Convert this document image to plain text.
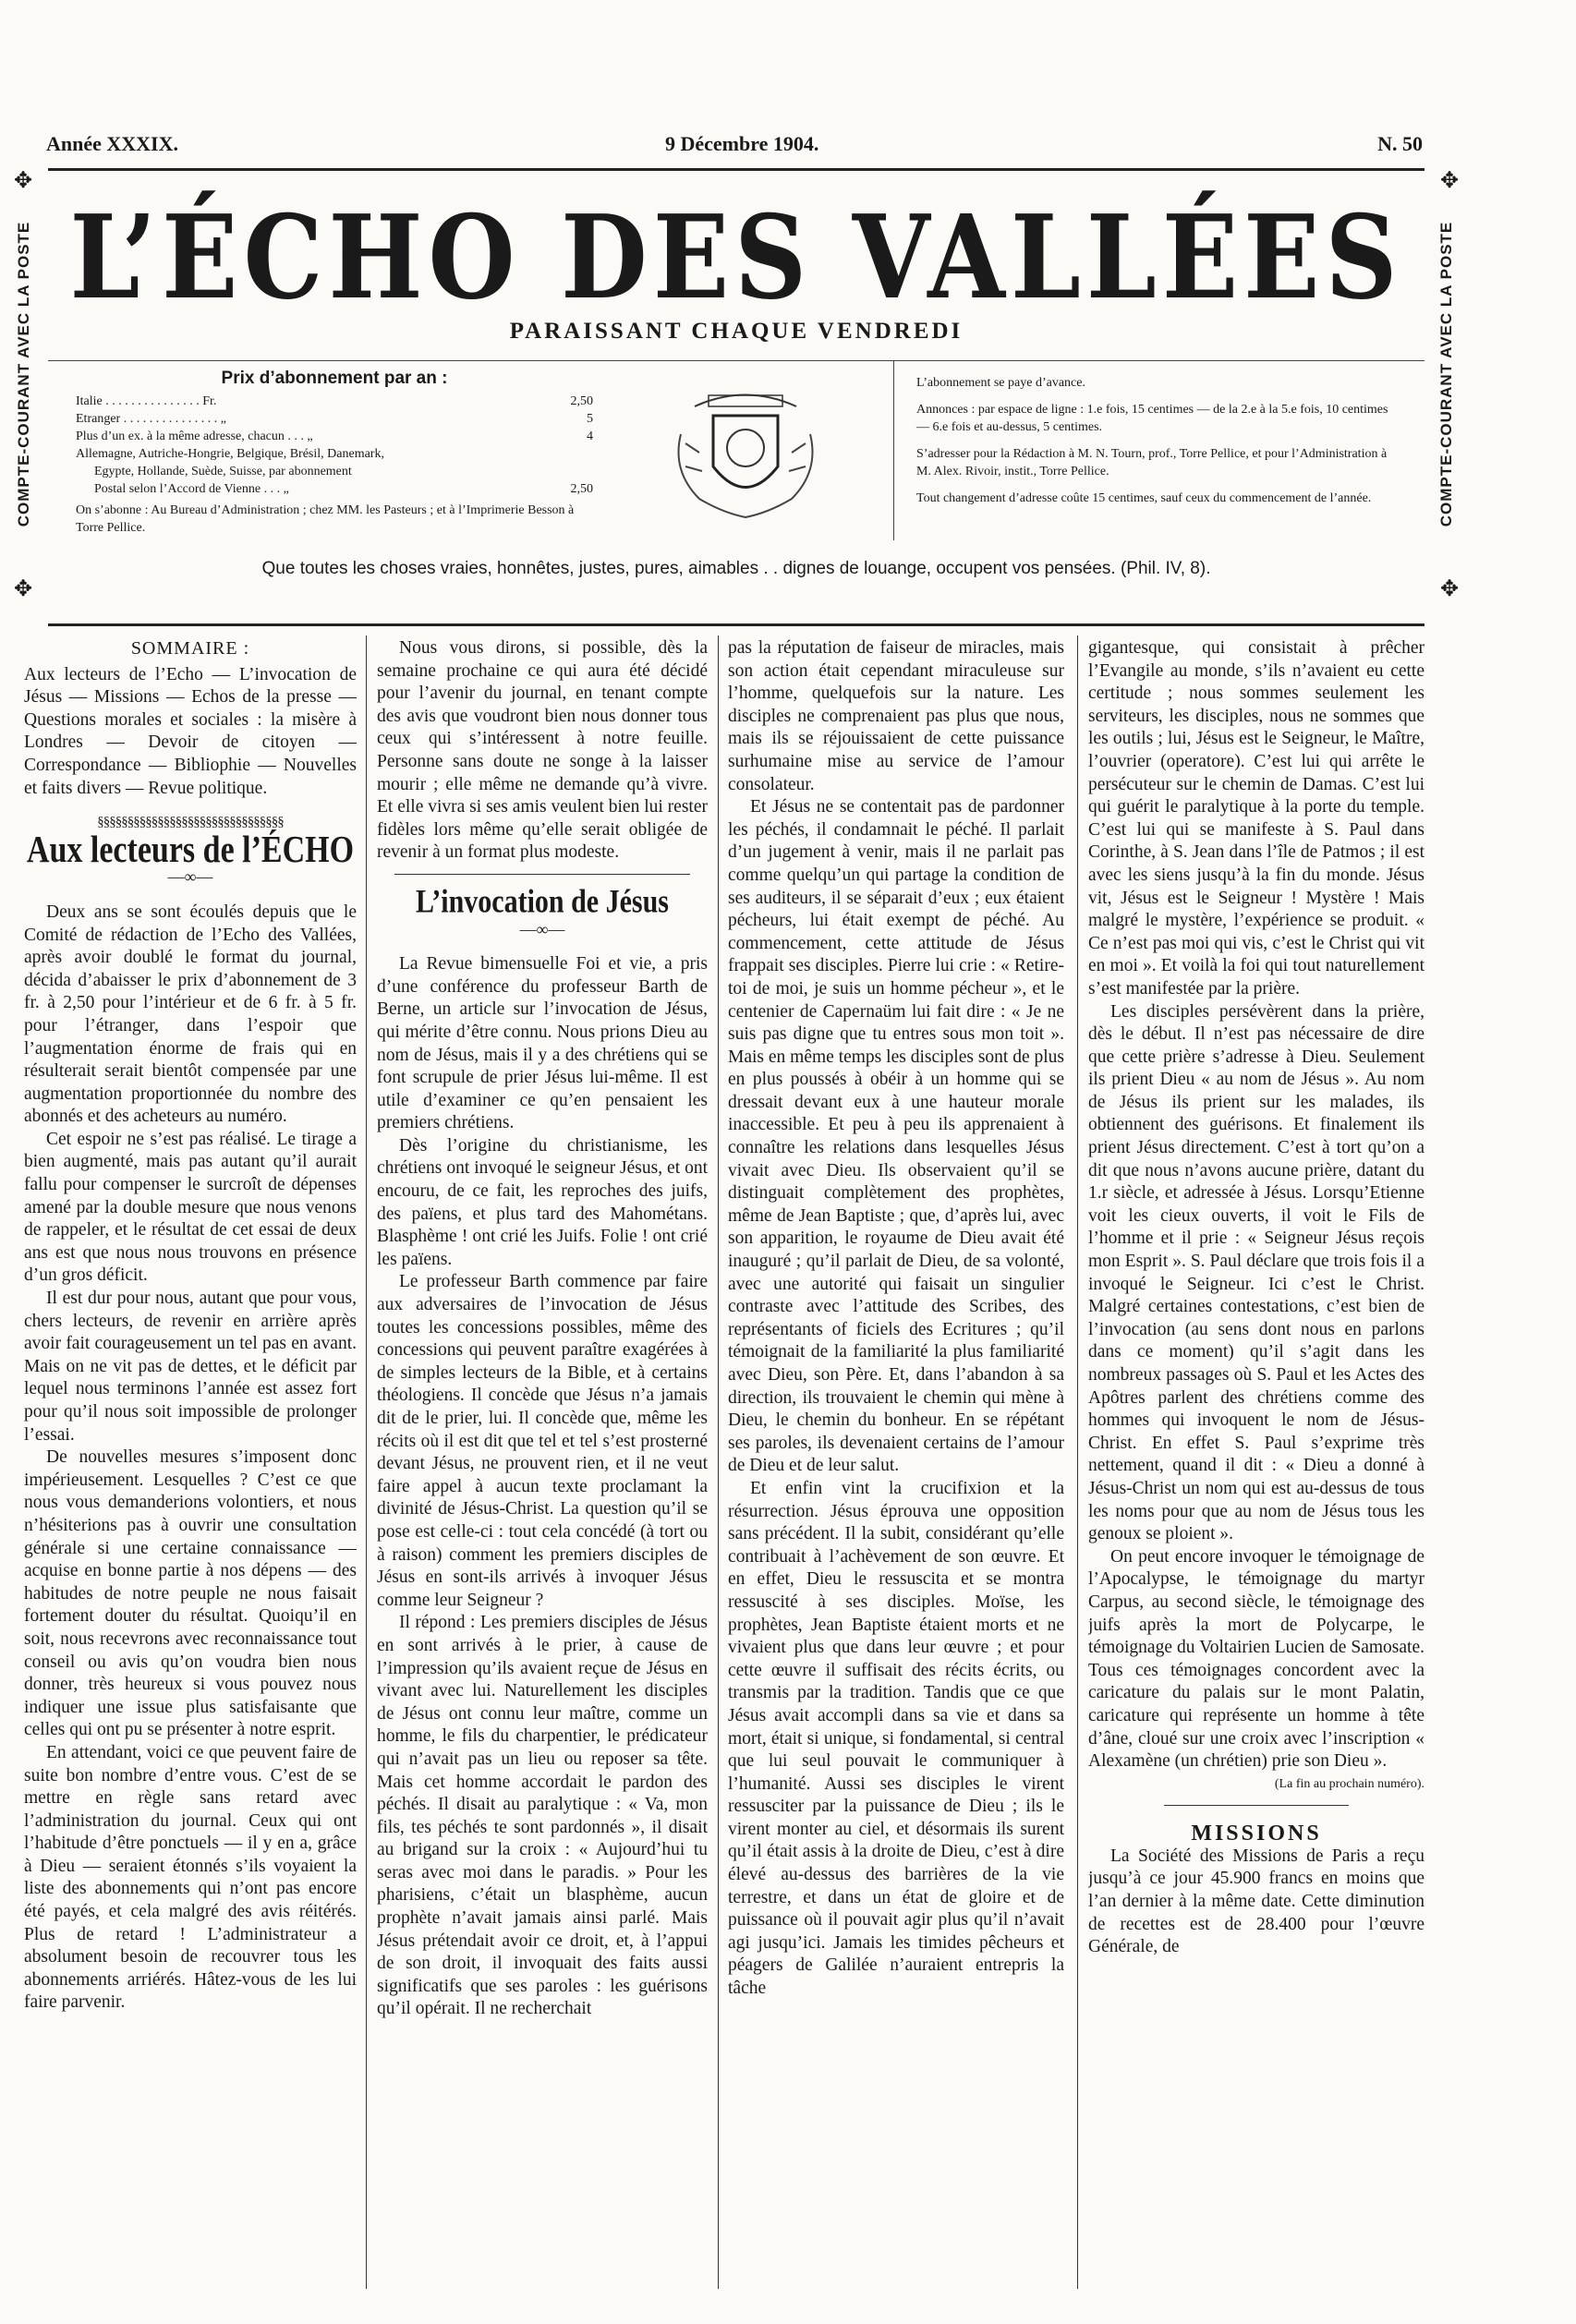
Année XXXIX.	9 Décembre 1904.	N. 50
✥	✥
✥	✥
COMPTE-COURANT AVEC LA POSTE	COMPTE-COURANT AVEC LA POSTE
L’ÉCHO DES VALLÉES
PARAISSANT CHAQUE VENDREDI
Prix d’abonnement par an :
Italie . . . . . . . . . . . . . . . Fr.	2,50
Etranger . . . . . . . . . . . . . . . „	5
Plus d’un ex. à la même adresse, chacun . . . „	4
Allemagne, Autriche-Hongrie, Belgique, Brésil, Danemark,
Egypte, Hollande, Suède, Suisse, par abonnement
Postal selon l’Accord de Vienne . . . „	2,50
On s’abonne : Au Bureau d’Administration ; chez MM. les Pasteurs ; et à l’Imprimerie Besson à Torre Pellice.

L’abonnement se paye d’avance.

Annonces : par espace de ligne : 1.e fois, 15 centimes — de la 2.e à la 5.e fois, 10 centimes — 6.e fois et au-dessus, 5 centimes.

S’adresser pour la Rédaction à M. N. Tourn, prof., Torre Pellice, et pour l’Administration à M. Alex. Rivoir, instit., Torre Pellice.

Tout changement d’adresse coûte 15 centimes, sauf ceux du commencement de l’année.

Que toutes les choses vraies, honnêtes, justes, pures, aimables . . dignes de louange, occupent vos pensées. (Phil. IV, 8).
SOMMAIRE :

Aux lecteurs de l’Echo — L’invocation de Jésus — Missions — Echos de la presse — Questions morales et sociales : la misère à Londres — Devoir de citoyen — Correspondance — Bibliophie — Nouvelles et faits divers — Revue politique.

§§§§§§§§§§§§§§§§§§§§§§§§§§§§§§§
Aux lecteurs de l’ÉCHO
—∞—

Deux ans se sont écoulés depuis que le Comité de rédaction de l’Echo des Vallées, après avoir doublé le format du journal, décida d’abaisser le prix d’abonnement de 3 fr. à 2,50 pour l’intérieur et de 6 fr. à 5 fr. pour l’étranger, dans l’espoir que l’augmentation énorme de frais qui en résulterait serait bientôt compensée par une augmentation proportionnée du nombre des abonnés et des acheteurs au numéro.

Cet espoir ne s’est pas réalisé. Le tirage a bien augmenté, mais pas autant qu’il aurait fallu pour compenser le surcroît de dépenses amené par la double mesure que nous venons de rappeler, et le résultat de cet essai de deux ans est que nous nous trouvons en présence d’un gros déficit.

Il est dur pour nous, autant que pour vous, chers lecteurs, de revenir en arrière après avoir fait courageusement un tel pas en avant. Mais on ne vit pas de dettes, et le déficit par lequel nous terminons l’année est assez fort pour qu’il nous soit impossible de prolonger l’essai.

De nouvelles mesures s’imposent donc impérieusement. Lesquelles ? C’est ce que nous vous demanderions volontiers, et nous n’hésiterions pas à ouvrir une consultation générale si une certaine connaissance — acquise en bonne partie à nos dépens — des habitudes de notre peuple ne nous faisait fortement douter du résultat. Quoiqu’il en soit, nous recevrons avec reconnaissance tout conseil ou avis qu’on voudra bien nous donner, très heureux si vous pouvez nous indiquer une issue plus satisfaisante que celles qui ont pu se présenter à notre esprit.

En attendant, voici ce que peuvent faire de suite bon nombre d’entre vous. C’est de se mettre en règle sans retard avec l’administration du journal. Ceux qui ont l’habitude d’être ponctuels — il y en a, grâce à Dieu — seraient étonnés s’ils voyaient la liste des abonnements qui n’ont pas encore été payés, et cela malgré des avis réitérés. Plus de retard ! L’administrateur a absolument besoin de recouvrer tous les abonnements arriérés. Hâtez-vous de les lui faire parvenir.

Nous vous dirons, si possible, dès la semaine prochaine ce qui aura été décidé pour l’avenir du journal, en tenant compte des avis que voudront bien nous donner tous ceux qui s’intéressent à notre feuille. Personne sans doute ne songe à la laisser mourir ; elle même ne demande qu’à vivre. Et elle vivra si ses amis veulent bien lui rester fidèles lors même qu’elle serait obligée de revenir à un format plus modeste.

L’invocation de Jésus
—∞—

La Revue bimensuelle Foi et vie, a pris d’une conférence du professeur Barth de Berne, un article sur l’invocation de Jésus, qui mérite d’être connu. Nous prions Dieu au nom de Jésus, mais il y a des chrétiens qui se font scrupule de prier Jésus lui-même. Il est utile d’examiner ce qu’en pensaient les premiers chrétiens.

Dès l’origine du christianisme, les chrétiens ont invoqué le seigneur Jésus, et ont encouru, de ce fait, les reproches des juifs, des païens, et plus tard des Mahométans. Blasphème ! ont crié les Juifs. Folie ! ont crié les païens.

Le professeur Barth commence par faire aux adversaires de l’invocation de Jésus toutes les concessions possibles, même des concessions qui peuvent paraître exagérées à de simples lecteurs de la Bible, et à certains théologiens. Il concède que Jésus n’a jamais dit de le prier, lui. Il concède que, même les récits où il est dit que tel et tel s’est prosterné devant Jésus, ne prouvent rien, et il ne veut faire appel à aucun texte proclamant la divinité de Jésus-Christ. La question qu’il se pose est celle-ci : tout cela concédé (à tort ou à raison) comment les premiers disciples de Jésus en sont-ils arrivés à invoquer Jésus comme leur Seigneur ?

Il répond : Les premiers disciples de Jésus en sont arrivés à le prier, à cause de l’impression qu’ils avaient reçue de Jésus en vivant avec lui. Naturellement les disciples de Jésus ont connu leur maître, comme un homme, le fils du charpentier, le prédicateur qui n’avait pas un lieu ou reposer sa tête. Mais cet homme accordait le pardon des péchés. Il disait au paralytique : « Va, mon fils, tes péchés te sont pardonnés », il disait au brigand sur la croix : « Aujourd’hui tu seras avec moi dans le paradis. » Pour les pharisiens, c’était un blasphème, aucun prophète n’avait jamais ainsi parlé. Mais Jésus prétendait avoir ce droit, et, à l’appui de son droit, il invoquait des faits aussi significatifs que ses paroles : les guérisons qu’il opérait. Il ne recherchait

pas la réputation de faiseur de miracles, mais son action était cependant miraculeuse sur l’homme, quelquefois sur la nature. Les disciples ne comprenaient pas plus que nous, mais ils se réjouissaient de cette puissance surhumaine mise au service de l’amour consolateur.

Et Jésus ne se contentait pas de pardonner les péchés, il condamnait le péché. Il parlait d’un jugement à venir, mais il ne parlait pas comme quelqu’un qui partage la condition de ses auditeurs, il se séparait d’eux ; eux étaient pécheurs, lui était exempt de péché. Au commencement, cette attitude de Jésus frappait ses disciples. Pierre lui crie : « Retire-toi de moi, je suis un homme pécheur », et le centenier de Capernaüm lui fait dire : « Je ne suis pas digne que tu entres sous mon toit ». Mais en même temps les disciples sont de plus en plus poussés à obéir à un homme qui se dressait devant eux à une hauteur morale inaccessible. Et peu à peu ils apprenaient à connaître les relations dans lesquelles Jésus vivait avec Dieu. Ils observaient qu’il se distinguait complètement des prophètes, même de Jean Baptiste ; que, d’après lui, avec son apparition, le royaume de Dieu avait été inauguré ; qu’il parlait de Dieu, de sa volonté, avec une autorité qui faisait un singulier contraste avec l’attitude des Scribes, des représentants of ficiels des Ecritures ; qu’il témoignait de la familiarité la plus familiarité avec Dieu, son Père. Et, dans l’abandon à sa direction, ils trouvaient le chemin qui mène à Dieu, le chemin du bonheur. En se répétant ses paroles, ils devenaient certains de l’amour de Dieu et de leur salut.

Et enfin vint la crucifixion et la résurrection. Jésus éprouva une opposition sans précédent. Il la subit, considérant qu’elle contribuait à l’achèvement de son œuvre. Et en effet, Dieu le ressuscita et se montra ressuscité à ses disciples. Moïse, les prophètes, Jean Baptiste étaient morts et ne vivaient plus que dans leur œuvre ; et pour cette œuvre il suffisait des récits écrits, ou transmis par la tradition. Tandis que ce que Jésus avait accompli dans sa vie et dans sa mort, était si unique, si fondamental, si central que lui seul pouvait le communiquer à l’humanité. Aussi ses disciples le virent ressusciter par la puissance de Dieu ; ils le virent monter au ciel, et désormais ils surent qu’il était assis à la droite de Dieu, c’est à dire élevé au-dessus des barrières de la vie terrestre, et dans un état de gloire et de puissance où il pouvait agir plus qu’il n’avait agi jusqu’ici. Jamais les timides pêcheurs et péagers de Galilée n’auraient entrepris la tâche

gigantesque, qui consistait à prêcher l’Evangile au monde, s’ils n’avaient eu cette certitude ; nous sommes seulement les serviteurs, les disciples, nous ne sommes que les outils ; lui, Jésus est le Seigneur, le Maître, l’ouvrier (operatore). C’est lui qui arrête le persécuteur sur le chemin de Damas. C’est lui qui guérit le paralytique à la porte du temple. C’est lui qui se manifeste à S. Paul dans Corinthe, à S. Jean dans l’île de Patmos ; il est avec les siens jusqu’à la fin du monde. Jésus vit, Jésus est le Seigneur ! Mystère ! Mais malgré le mystère, l’expérience se produit. « Ce n’est pas moi qui vis, c’est le Christ qui vit en moi ». Et voilà la foi qui tout naturellement s’est manifestée par la prière.

Les disciples persévèrent dans la prière, dès le début. Il n’est pas nécessaire de dire que cette prière s’adresse à Dieu. Seulement ils prient Dieu « au nom de Jésus ». Au nom de Jésus ils prient sur les malades, ils obtiennent des guérisons. Et finalement ils prient Jésus directement. C’est à tort qu’on a dit que nous n’avons aucune prière, datant du 1.r siècle, et adressée à Jésus. Lorsqu’Etienne voit les cieux ouverts, il voit le Fils de l’homme et il prie : « Seigneur Jésus reçois mon Esprit ». S. Paul déclare que trois fois il a invoqué le Seigneur. Ici c’est le Christ. Malgré certaines contestations, c’est bien de l’invocation (au sens dont nous en parlons dans ce moment) qu’il s’agit dans les nombreux passages où S. Paul et les Actes des Apôtres parlent des chrétiens comme des hommes qui invoquent le nom de Jésus-Christ. En effet S. Paul s’exprime très nettement, quand il dit : « Dieu a donné à Jésus-Christ un nom qui est au-dessus de tous les noms pour que au nom de Jésus tous les genoux se ploient ».

On peut encore invoquer le témoignage de l’Apocalypse, le témoignage du martyr Carpus, au second siècle, le témoignage des juifs après la mort de Polycarpe, le témoignage du Voltairien Lucien de Samosate. Tous ces témoignages concordent avec la caricature du palais sur le mont Palatin, caricature qui représente un homme à tête d’âne, cloué sur une croix avec l’inscription « Alexamène (un chrétien) prie son Dieu ».

(La fin au prochain numéro).

MISSIONS

La Société des Missions de Paris a reçu jusqu’à ce jour 45.900 francs en moins que l’an dernier à la même date. Cette diminution de recettes est de 28.400 pour l’œuvre Générale, de
